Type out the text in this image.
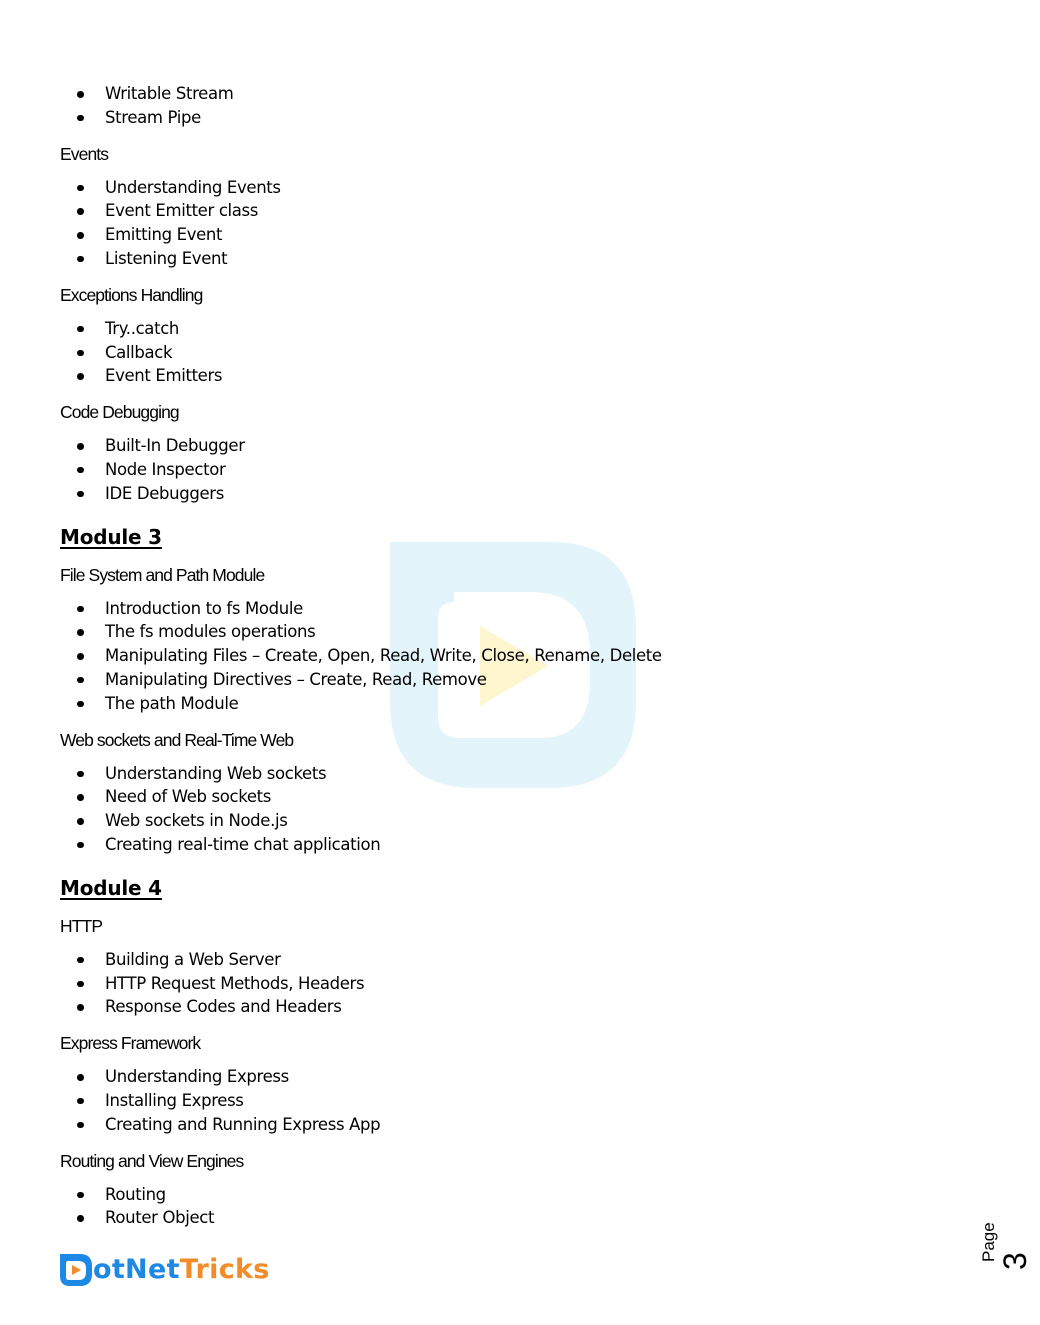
Writable Stream
Stream Pipe
Events
Understanding Events
Event Emitter class
Emitting Event
Listening Event
Exceptions Handling
Try..catch
Callback
Event Emitters
Code Debugging
Built-In Debugger
Node Inspector
IDE Debuggers
Module 3
File System and Path Module
Introduction to fs Module
The fs modules operations
Manipulating Files – Create, Open, Read, Write, Close, Rename, Delete
Manipulating Directives – Create, Read, Remove
The path Module
Web sockets and Real-Time Web
Understanding Web sockets
Need of Web sockets
Web sockets in Node.js
Creating real-time chat application
Module 4
HTTP
Building a Web Server
HTTP Request Methods, Headers
Response Codes and Headers
Express Framework
Understanding Express
Installing Express
Creating and Running Express App
Routing and View Engines
Routing
Router Object
otNetTricks
Page 3
